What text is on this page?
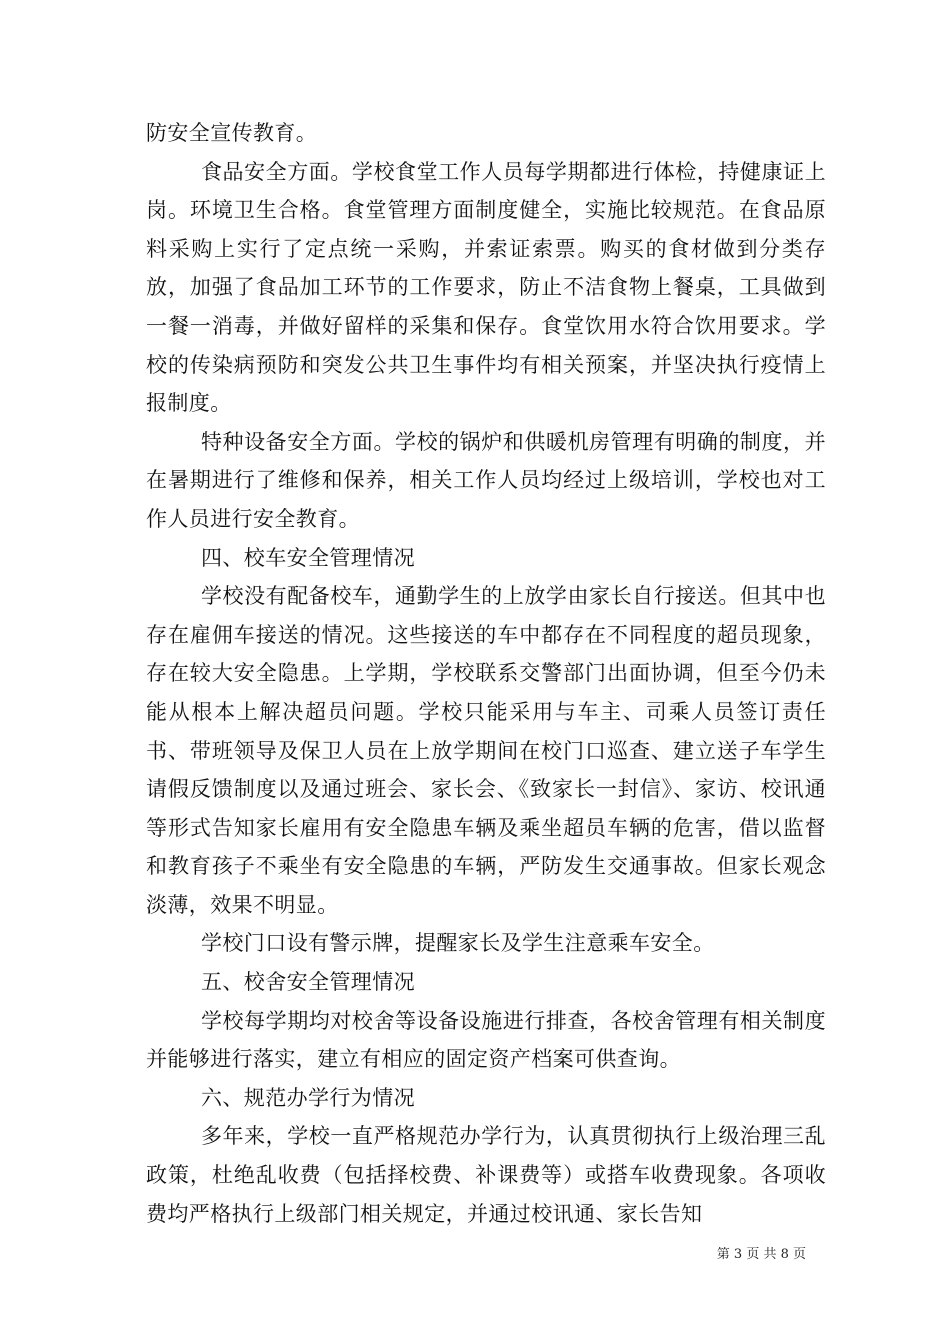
防安全宣传教育。

食品安全方面。学校食堂工作人员每学期都进行体检，持健康证上岗。环境卫生合格。食堂管理方面制度健全，实施比较规范。在食品原料采购上实行了定点统一采购，并索证索票。购买的食材做到分类存放，加强了食品加工环节的工作要求，防止不洁食物上餐桌，工具做到一餐一消毒，并做好留样的采集和保存。食堂饮用水符合饮用要求。学校的传染病预防和突发公共卫生事件均有相关预案，并坚决执行疫情上报制度。

特种设备安全方面。学校的锅炉和供暖机房管理有明确的制度，并在暑期进行了维修和保养，相关工作人员均经过上级培训，学校也对工作人员进行安全教育。

四、校车安全管理情况

学校没有配备校车，通勤学生的上放学由家长自行接送。但其中也存在雇佣车接送的情况。这些接送的车中都存在不同程度的超员现象，存在较大安全隐患。上学期，学校联系交警部门出面协调，但至今仍未能从根本上解决超员问题。学校只能采用与车主、司乘人员签订责任书、带班领导及保卫人员在上放学期间在校门口巡查、建立送子车学生请假反馈制度以及通过班会、家长会、《致家长一封信》、家访、校讯通等形式告知家长雇用有安全隐患车辆及乘坐超员车辆的危害，借以监督和教育孩子不乘坐有安全隐患的车辆，严防发生交通事故。但家长观念淡薄，效果不明显。

学校门口设有警示牌，提醒家长及学生注意乘车安全。

五、校舍安全管理情况

学校每学期均对校舍等设备设施进行排查，各校舍管理有相关制度并能够进行落实，建立有相应的固定资产档案可供查询。

六、规范办学行为情况

多年来，学校一直严格规范办学行为，认真贯彻执行上级治理三乱政策，杜绝乱收费（包括择校费、补课费等）或搭车收费现象。各项收费均严格执行上级部门相关规定，并通过校讯通、家长告知

第 3 页 共 8 页
